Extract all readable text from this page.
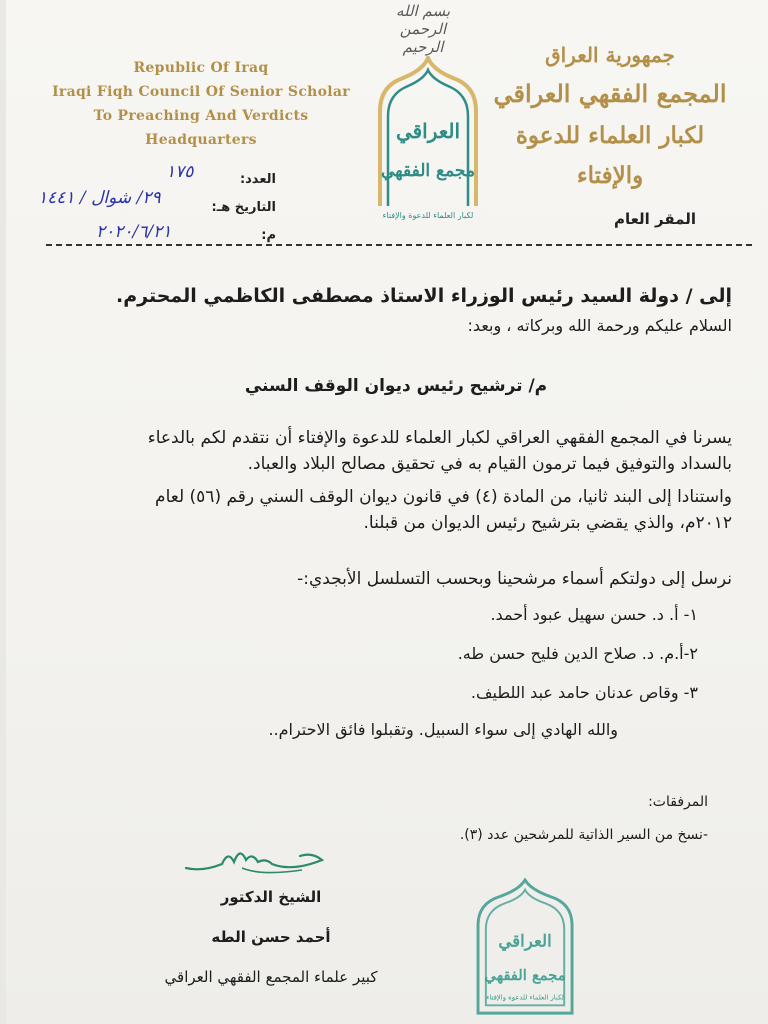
بسم الله الرحمن الرحيم
Republic Of Iraq
Iraqi Fiqh Council Of Senior Scholar
To Preaching And Verdicts
Headquarters	العراقي
مجمع الفقهي
لكبار العلماء للدعوة والإفتاء
جمهورية العراق
المجمع الفقهي العراقي
لكبار العلماء للدعوة والإفتاء
المقر العام
العدد:
١٧٥
التاريخ هـ:
٢٩/ شوال / ١٤٤١
م:
٢٠٢٠/٦/٢١
إلى / دولة السيد رئيس الوزراء الاستاذ مصطفى الكاظمي المحترم.
السلام عليكم ورحمة الله وبركاته ، وبعد:
م/ ترشيح رئيس ديوان الوقف السني
يسرنا في المجمع الفقهي العراقي لكبار العلماء للدعوة والإفتاء أن نتقدم لكم بالدعاء
بالسداد والتوفيق فيما ترمون القيام به في تحقيق مصالح البلاد والعباد.
واستنادا إلى البند ثانيا، من المادة (٤) في قانون ديوان الوقف السني رقم (٥٦) لعام
٢٠١٢م، والذي يقضي بترشيح رئيس الديوان من قبلنا.
نرسل إلى دولتكم أسماء مرشحينا وبحسب التسلسل الأبجدي:-
١- أ. د. حسن سهيل عبود أحمد.
٢-أ.م. د. صلاح الدين فليح حسن طه.
٣- وقاص عدنان حامد عبد اللطيف.
والله الهادي إلى سواء السبيل. وتقبلوا فائق الاحترام..
المرفقات:
-نسخ من السير الذاتية للمرشحين عدد (٣).
الشيخ الدكتور
أحمد حسن الطه
كبير علماء المجمع الفقهي العراقي
العراقي
مجمع الفقهي
لكبار العلماء للدعوة والإفتاء
